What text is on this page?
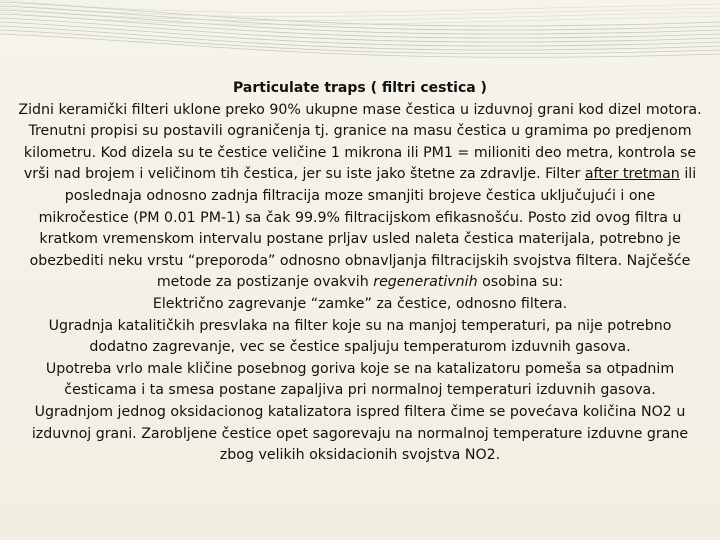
Particulate traps ( filtri cestica )

Zidni keramički filteri uklone preko 90% ukupne mase čestica u izduvnoj grani kod dizel motora. Trenutni propisi su postavili ograničenja tj. granice na masu čestica u gramima po predjenom kilometru. Kod dizela su te čestice veličine 1 mikrona ili PM1 = milioniti deo metra, kontrola se vrši nad brojem i veličinom tih čestica, jer su iste jako štetne za zdravlje. Filter after tretman ili poslednaja odnosno zadnja filtracija moze smanjiti brojeve čestica uključujući i one mikročestice (PM 0.01 PM-1) sa čak 99.9% filtracijskom efikasnošću. Posto zid ovog filtra u kratkom vremenskom intervalu postane prljav usled naleta čestica materijala, potrebno je obezbediti neku vrstu “preporoda” odnosno obnavljanja filtracijskih svojstva filtera. Najčešće metode za postizanje ovakvih regenerativnih osobina su:

Električno zagrevanje “zamke” za čestice, odnosno filtera.

Ugradnja katalitičkih presvlaka na filter koje su na manjoj temperaturi, pa nije potrebno dodatno zagrevanje, vec se čestice spaljuju temperaturom izduvnih gasova.

Upotreba vrlo male kličine posebnog goriva koje se na katalizatoru pomeša sa otpadnim česticama i ta smesa postane zapaljiva pri normalnoj temperaturi izduvnih gasova.

Ugradnjom jednog oksidacionog katalizatora ispred filtera čime se povećava količina NO2 u izduvnoj grani. Zarobljene čestice opet sagorevaju na normalnoj temperature izduvne grane zbog velikih oksidacionih svojstva NO2.
